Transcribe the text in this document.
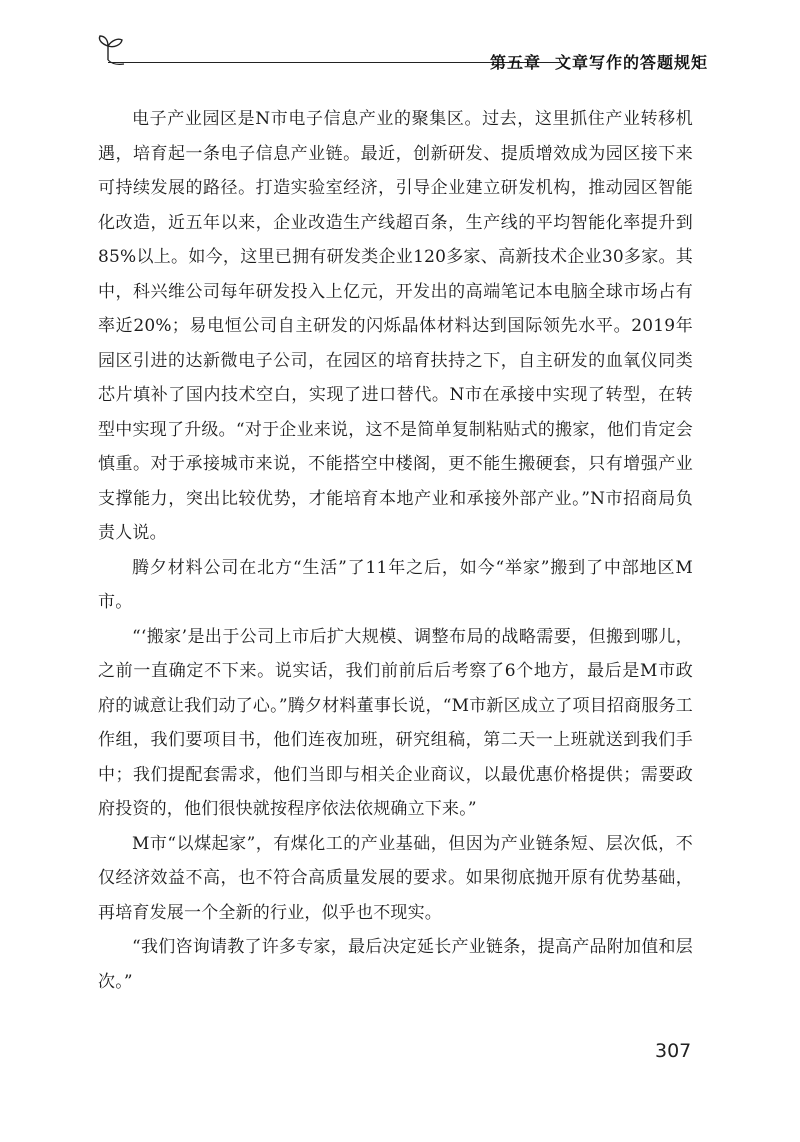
第五章 文章写作的答题规矩

电子产业园区是N市电子信息产业的聚集区。过去，这里抓住产业转移机遇，培育起一条电子信息产业链。最近，创新研发、提质增效成为园区接下来可持续发展的路径。打造实验室经济，引导企业建立研发机构，推动园区智能化改造，近五年以来，企业改造生产线超百条，生产线的平均智能化率提升到85%以上。如今，这里已拥有研发类企业120多家、高新技术企业30多家。其中，科兴维公司每年研发投入上亿元，开发出的高端笔记本电脑全球市场占有率近20%；易电恒公司自主研发的闪烁晶体材料达到国际领先水平。2019年园区引进的达新微电子公司，在园区的培育扶持之下，自主研发的血氧仪同类芯片填补了国内技术空白，实现了进口替代。N市在承接中实现了转型，在转型中实现了升级。“对于企业来说，这不是简单复制粘贴式的搬家，他们肯定会慎重。对于承接城市来说，不能搭空中楼阁，更不能生搬硬套，只有增强产业支撑能力，突出比较优势，才能培育本地产业和承接外部产业。”N市招商局负责人说。

腾夕材料公司在北方“生活”了11年之后，如今“举家”搬到了中部地区M市。

“‘搬家’是出于公司上市后扩大规模、调整布局的战略需要，但搬到哪儿，之前一直确定不下来。说实话，我们前前后后考察了6个地方，最后是M市政府的诚意让我们动了心。”腾夕材料董事长说，“M市新区成立了项目招商服务工作组，我们要项目书，他们连夜加班，研究组稿，第二天一上班就送到我们手中；我们提配套需求，他们当即与相关企业商议，以最优惠价格提供；需要政府投资的，他们很快就按程序依法依规确立下来。”

M市“以煤起家”，有煤化工的产业基础，但因为产业链条短、层次低，不仅经济效益不高，也不符合高质量发展的要求。如果彻底抛开原有优势基础，再培育发展一个全新的行业，似乎也不现实。

“我们咨询请教了许多专家，最后决定延长产业链条，提高产品附加值和层次。”

307
